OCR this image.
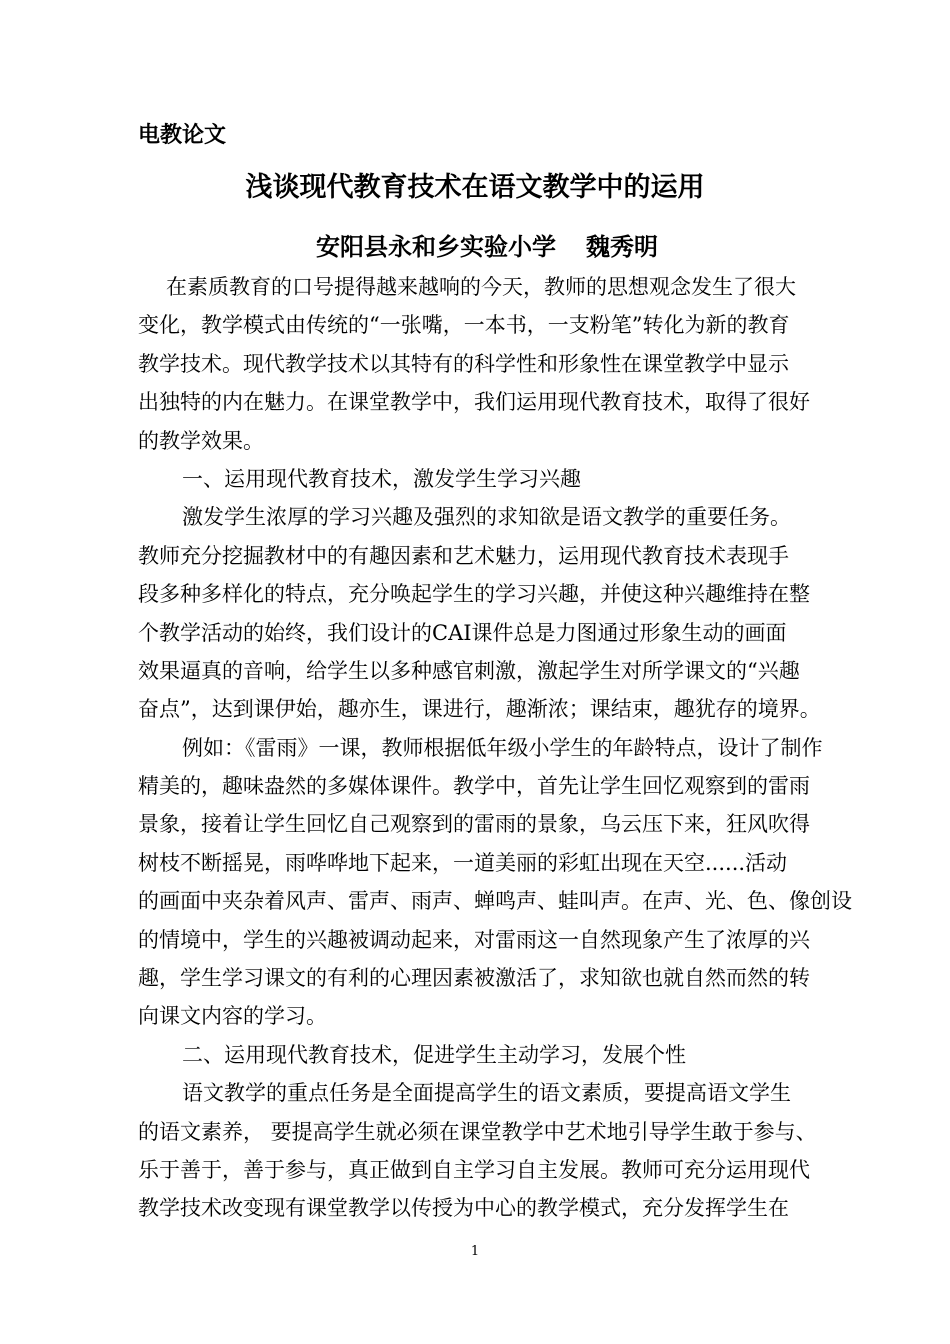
电教论文
浅谈现代教育技术在语文教学中的运用
安阳县永和乡实验小学 魏秀明
在素质教育的口号提得越来越响的今天，教师的思想观念发生了很大
变化，教学模式由传统的“一张嘴，一本书，一支粉笔”转化为新的教育
教学技术。现代教学技术以其特有的科学性和形象性在课堂教学中显示
出独特的内在魅力。在课堂教学中，我们运用现代教育技术，取得了很好
的教学效果。
一、运用现代教育技术，激发学生学习兴趣
激发学生浓厚的学习兴趣及强烈的求知欲是语文教学的重要任务。
教师充分挖掘教材中的有趣因素和艺术魅力，运用现代教育技术表现手
段多种多样化的特点，充分唤起学生的学习兴趣，并使这种兴趣维持在整
个教学活动的始终，我们设计的CAI课件总是力图通过形象生动的画面
效果逼真的音响，给学生以多种感官刺激，激起学生对所学课文的“兴趣
奋点”，达到课伊始，趣亦生，课进行，趣渐浓；课结束，趣犹存的境界。
例如：《雷雨》一课，教师根据低年级小学生的年龄特点，设计了制作
精美的，趣味盎然的多媒体课件。教学中，首先让学生回忆观察到的雷雨
景象，接着让学生回忆自己观察到的雷雨的景象，乌云压下来，狂风吹得
树枝不断摇晃，雨哗哗地下起来，一道美丽的彩虹出现在天空......活动
的画面中夹杂着风声、雷声、雨声、蝉鸣声、蛙叫声。在声、光、色、像创设
的情境中，学生的兴趣被调动起来，对雷雨这一自然现象产生了浓厚的兴
趣，学生学习课文的有利的心理因素被激活了，求知欲也就自然而然的转
向课文内容的学习。
二、运用现代教育技术，促进学生主动学习，发展个性
语文教学的重点任务是全面提高学生的语文素质，要提高语文学生
的语文素养， 要提高学生就必须在课堂教学中艺术地引导学生敢于参与、
乐于善于，善于参与，真正做到自主学习自主发展。教师可充分运用现代
教学技术改变现有课堂教学以传授为中心的教学模式，充分发挥学生在
1
